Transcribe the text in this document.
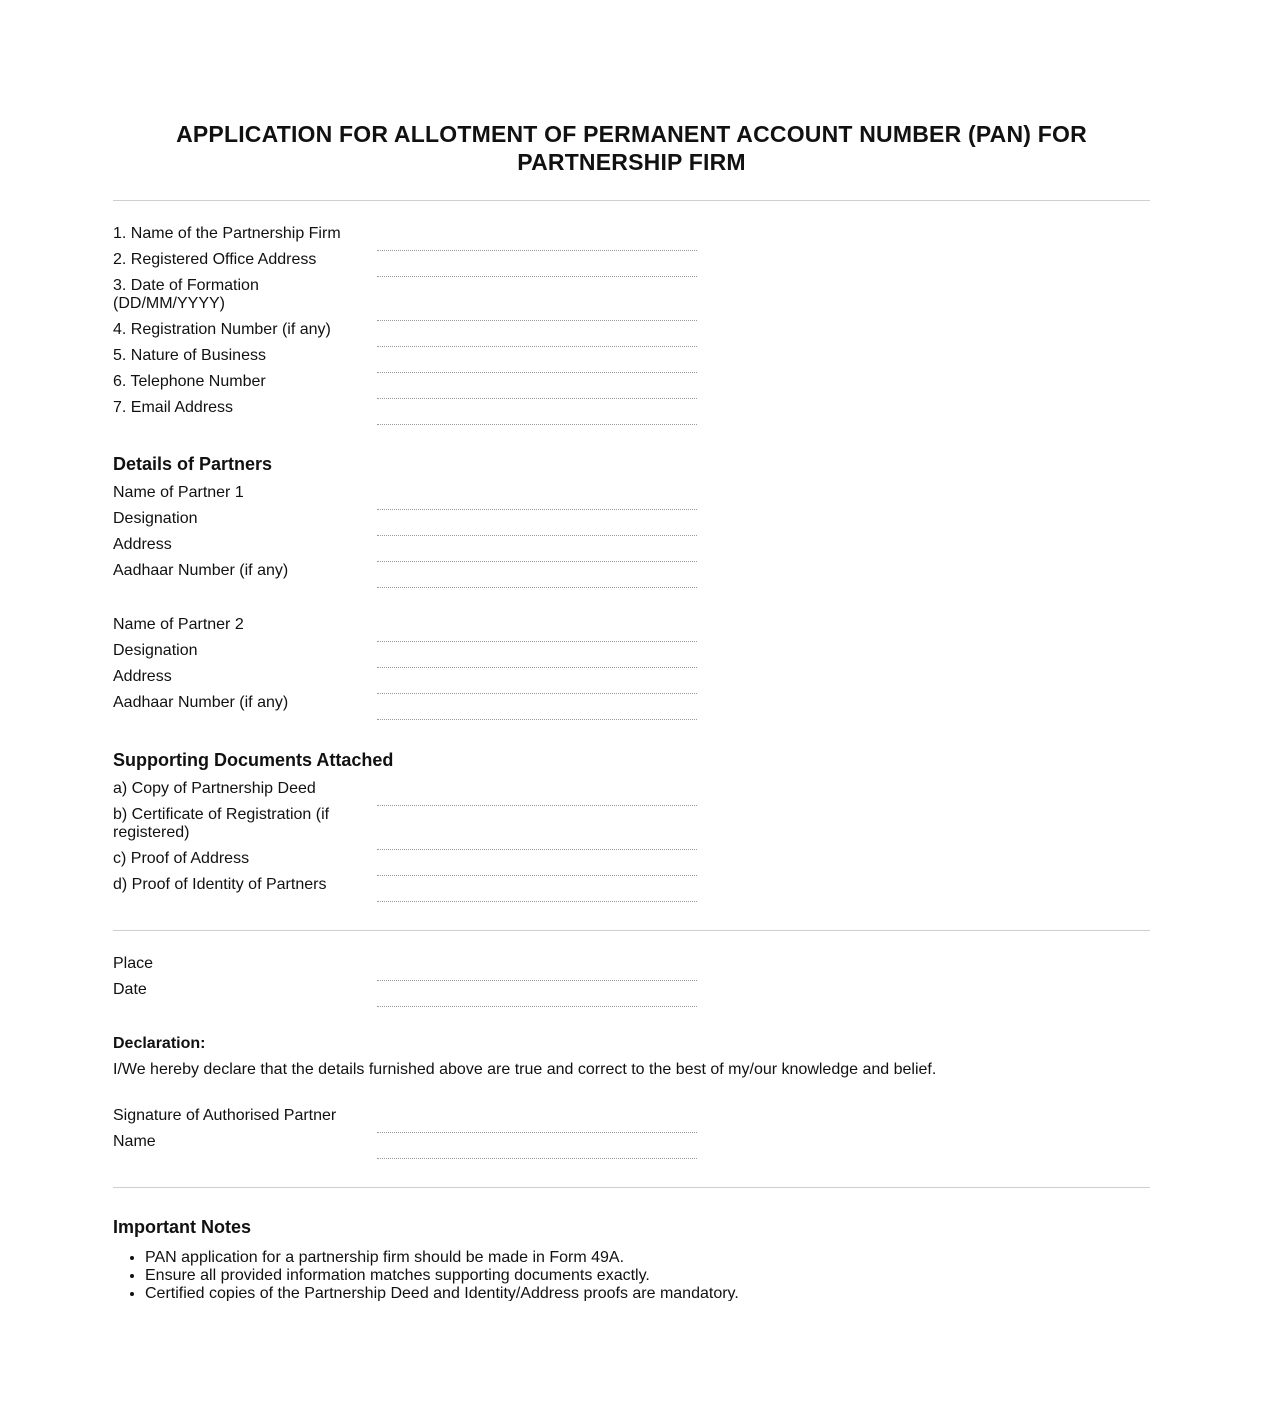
APPLICATION FOR ALLOTMENT OF PERMANENT ACCOUNT NUMBER (PAN) FOR PARTNERSHIP FIRM
1. Name of the Partnership Firm
2. Registered Office Address
3. Date of Formation (DD/MM/YYYY)
4. Registration Number (if any)
5. Nature of Business
6. Telephone Number
7. Email Address
Details of Partners
Name of Partner 1
Designation
Address
Aadhaar Number (if any)
Name of Partner 2
Designation
Address
Aadhaar Number (if any)
Supporting Documents Attached
a) Copy of Partnership Deed
b) Certificate of Registration (if registered)
c) Proof of Address
d) Proof of Identity of Partners
Place
Date
Declaration:
I/We hereby declare that the details furnished above are true and correct to the best of my/our knowledge and belief.
Signature of Authorised Partner
Name
Important Notes
• PAN application for a partnership firm should be made in Form 49A.
• Ensure all provided information matches supporting documents exactly.
• Certified copies of the Partnership Deed and Identity/Address proofs are mandatory.
